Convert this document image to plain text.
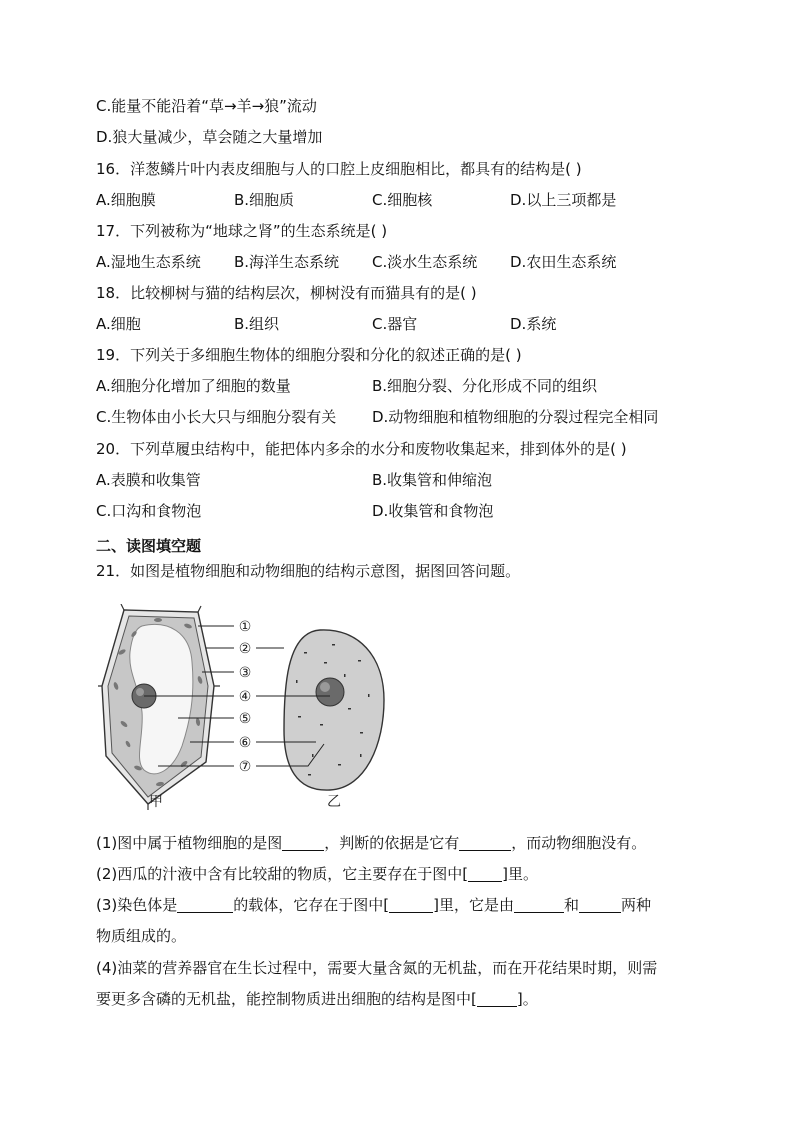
C.能量不能沿着“草→羊→狼”流动
D.狼大量减少，草会随之大量增加
16．洋葱鳞片叶内表皮细胞与人的口腔上皮细胞相比，都具有的结构是( )
A.细胞膜	B.细胞质	C.细胞核	D.以上三项都是
17．下列被称为“地球之肾”的生态系统是( )
A.湿地生态系统 B.海洋生态系统 C.淡水生态系统 D.农田生态系统
18．比较柳树与猫的结构层次，柳树没有而猫具有的是( )
A.细胞	B.组织	C.器官	D.系统
19．下列关于多细胞生物体的细胞分裂和分化的叙述正确的是( )
A.细胞分化增加了细胞的数量	B.细胞分裂、分化形成不同的组织
C.生物体由小长大只与细胞分裂有关 D.动物细胞和植物细胞的分裂过程完全相同
20．下列草履虫结构中，能把体内多余的水分和废物收集起来，排到体外的是( )
A.表膜和收集管	B.收集管和伸缩泡
C.口沟和食物泡	D.收集管和食物泡
二、读图填空题
21．如图是植物细胞和动物细胞的结构示意图，据图回答问题。
①
②
③
④
⑤
⑥
⑦
甲	乙
(1)图中属于植物细胞的是图	，判断的依据是它有	，而动物细胞没有。
(2)西瓜的汁液中含有比较甜的物质，它主要存在于图中[ ]里。
(3)染色体是	的载体，它存在于图中[	]里，它是由	和	两种
物质组成的。
(4)油菜的营养器官在生长过程中，需要大量含氮的无机盐，而在开花结果时期，则需
要更多含磷的无机盐，能控制物质进出细胞的结构是图中[	]。
